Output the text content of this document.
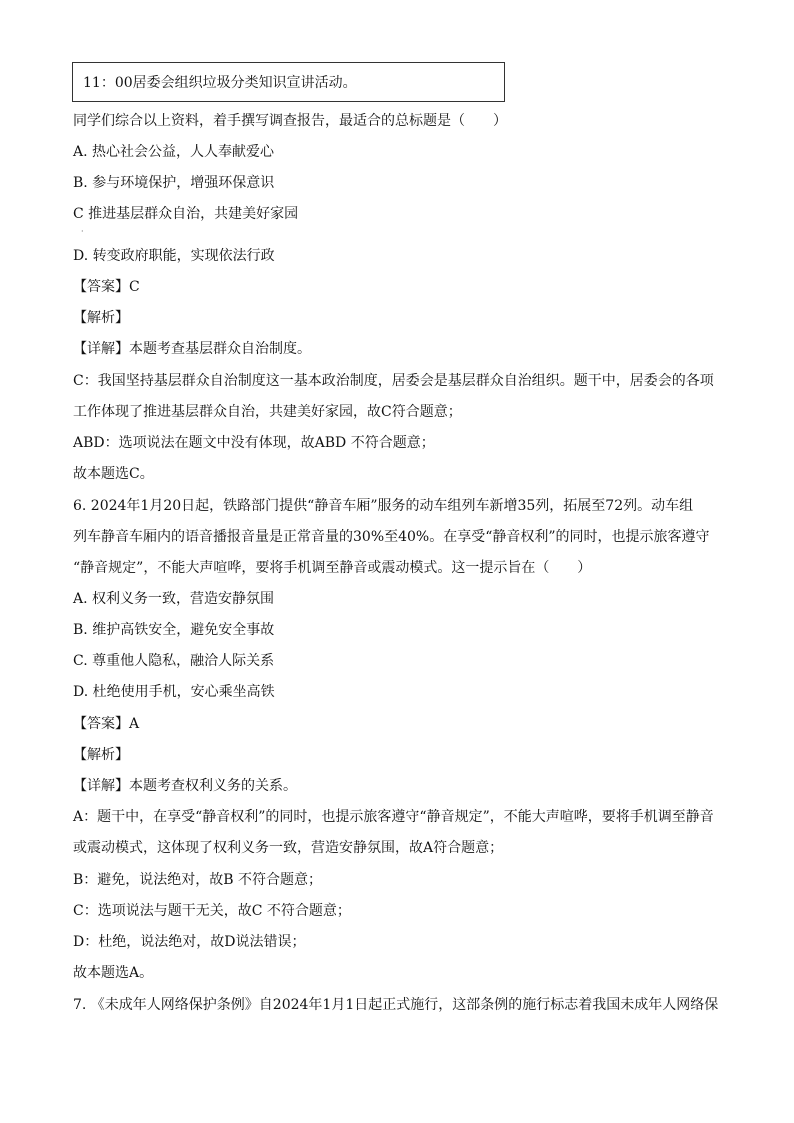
11：00居委会组织垃圾分类知识宣讲活动。
同学们综合以上资料，着手撰写调查报告，最适合的总标题是（　　）
A. 热心社会公益，人人奉献爱心
B. 参与环境保护，增强环保意识
C 推进基层群众自治，共建美好家园
·
D. 转变政府职能，实现依法行政
【答案】C
【解析】
【详解】本题考查基层群众自治制度。
C：我国坚持基层群众自治制度这一基本政治制度，居委会是基层群众自治组织。题干中，居委会的各项
工作体现了推进基层群众自治，共建美好家园，故C符合题意；
ABD：选项说法在题文中没有体现，故ABD 不符合题意；
故本题选C。
6. 2024年1月20日起，铁路部门提供“静音车厢”服务的动车组列车新增35列，拓展至72列。动车组
列车静音车厢内的语音播报音量是正常音量的30%至40%。在享受“静音权利”的同时，也提示旅客遵守
“静音规定”，不能大声喧哗，要将手机调至静音或震动模式。这一提示旨在（　　）
A. 权利义务一致，营造安静氛围
B. 维护高铁安全，避免安全事故
C. 尊重他人隐私，融洽人际关系
D. 杜绝使用手机，安心乘坐高铁
【答案】A
【解析】
【详解】本题考查权利义务的关系。
A：题干中，在享受“静音权利”的同时，也提示旅客遵守“静音规定”，不能大声喧哗，要将手机调至静音
或震动模式，这体现了权利义务一致，营造安静氛围，故A符合题意；
B：避免，说法绝对，故B 不符合题意；
C：选项说法与题干无关，故C 不符合题意；
D：杜绝，说法绝对，故D说法错误；
故本题选A。
7. 《未成年人网络保护条例》自2024年1月1日起正式施行，这部条例的施行标志着我国未成年人网络保
